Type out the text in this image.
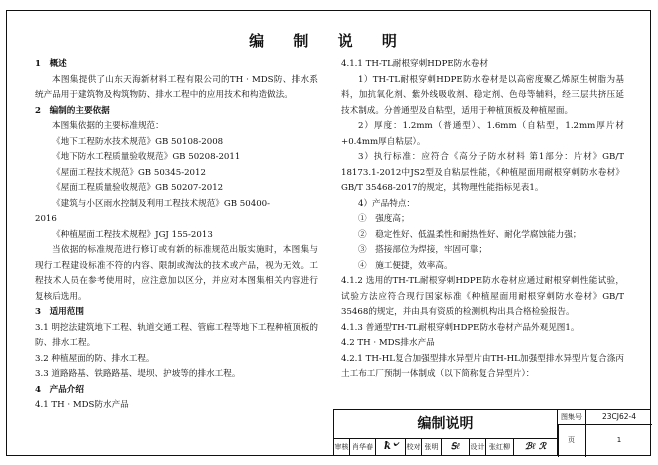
编 制 说 明

1　概述

本图集提供了山东天海新材料工程有限公司的TH · MDS防、排水系统产品用于建筑物及构筑物防、排水工程中的应用技术和构造做法。

2　编制的主要依据

本图集依据的主要标准规范：

《地下工程防水技术规范》GB 50108-2008

《地下防水工程质量验收规范》GB 50208-2011

《屋面工程技术规范》GB 50345-2012

《屋面工程质量验收规范》GB 50207-2012

《建筑与小区雨水控制及利用工程技术规范》GB 50400-

2016

《种植屋面工程技术规程》JGJ 155-2013

当依据的标准规范进行修订或有新的标准规范出版实施时，本图集与现行工程建设标准不符的内容、限制或淘汰的技术或产品，视为无效。工程技术人员在参考使用时，应注意加以区分，并应对本图集相关内容进行复核后选用。

3　适用范围

3.1 明挖法建筑地下工程、轨道交通工程、管廊工程等地下工程种植顶板的防、排水工程。

3.2 种植屋面的防、排水工程。

3.3 道路路基、铁路路基、堤坝、护坡等的排水工程。

4　产品介绍

4.1 TH · MDS防水产品

4.1.1 TH-TL耐根穿刺HDPE防水卷材

1）TH-TL耐根穿刺HDPE防水卷材是以高密度聚乙烯原生树脂为基料，加抗氧化剂、紫外线吸收剂、稳定剂、色母等辅料，经三层共挤压延技术制成。分普通型及自粘型，适用于种植顶板及种植屋面。

2）厚度：1.2mm（普通型）、1.6mm（自粘型，1.2mm厚片材+0.4mm厚自粘层）。

3）执行标准：应符合《高分子防水材料 第1部分：片材》GB/T 18173.1-2012中JS2型及自粘层性能，《种植屋面用耐根穿刺防水卷材》GB/T 35468-2017的规定，其物理性能指标见表1。

4）产品特点：

①　强度高；

②　稳定性好、低温柔性和耐热性好、耐化学腐蚀能力强；

③　搭接部位为焊接，牢固可靠；

④　施工便捷，效率高。

4.1.2 选用的TH-TL耐根穿刺HDPE防水卷材应通过耐根穿刺性能试验，试验方法应符合现行国家标准《种植屋面用耐根穿刺防水卷材》GB/T 35468的规定，并由具有资质的检测机构出具合格检验报告。

4.1.3 普通型TH-TL耐根穿刺HDPE防水卷材产品外观见图1。

4.2 TH · MDS排水产品

4.2.1 TH-HL复合加强型排水异型片由TH-HL加强型排水异型片复合涤丙土工布工厂预制一体制成（以下简称复合异型片）：

编制说明	图集号	23CJ62-4
审核 肖华春	ꝁ৺	校对 张明	Ꭶℓ	设计 张红柳	ℬℓ ℛ
页	1
